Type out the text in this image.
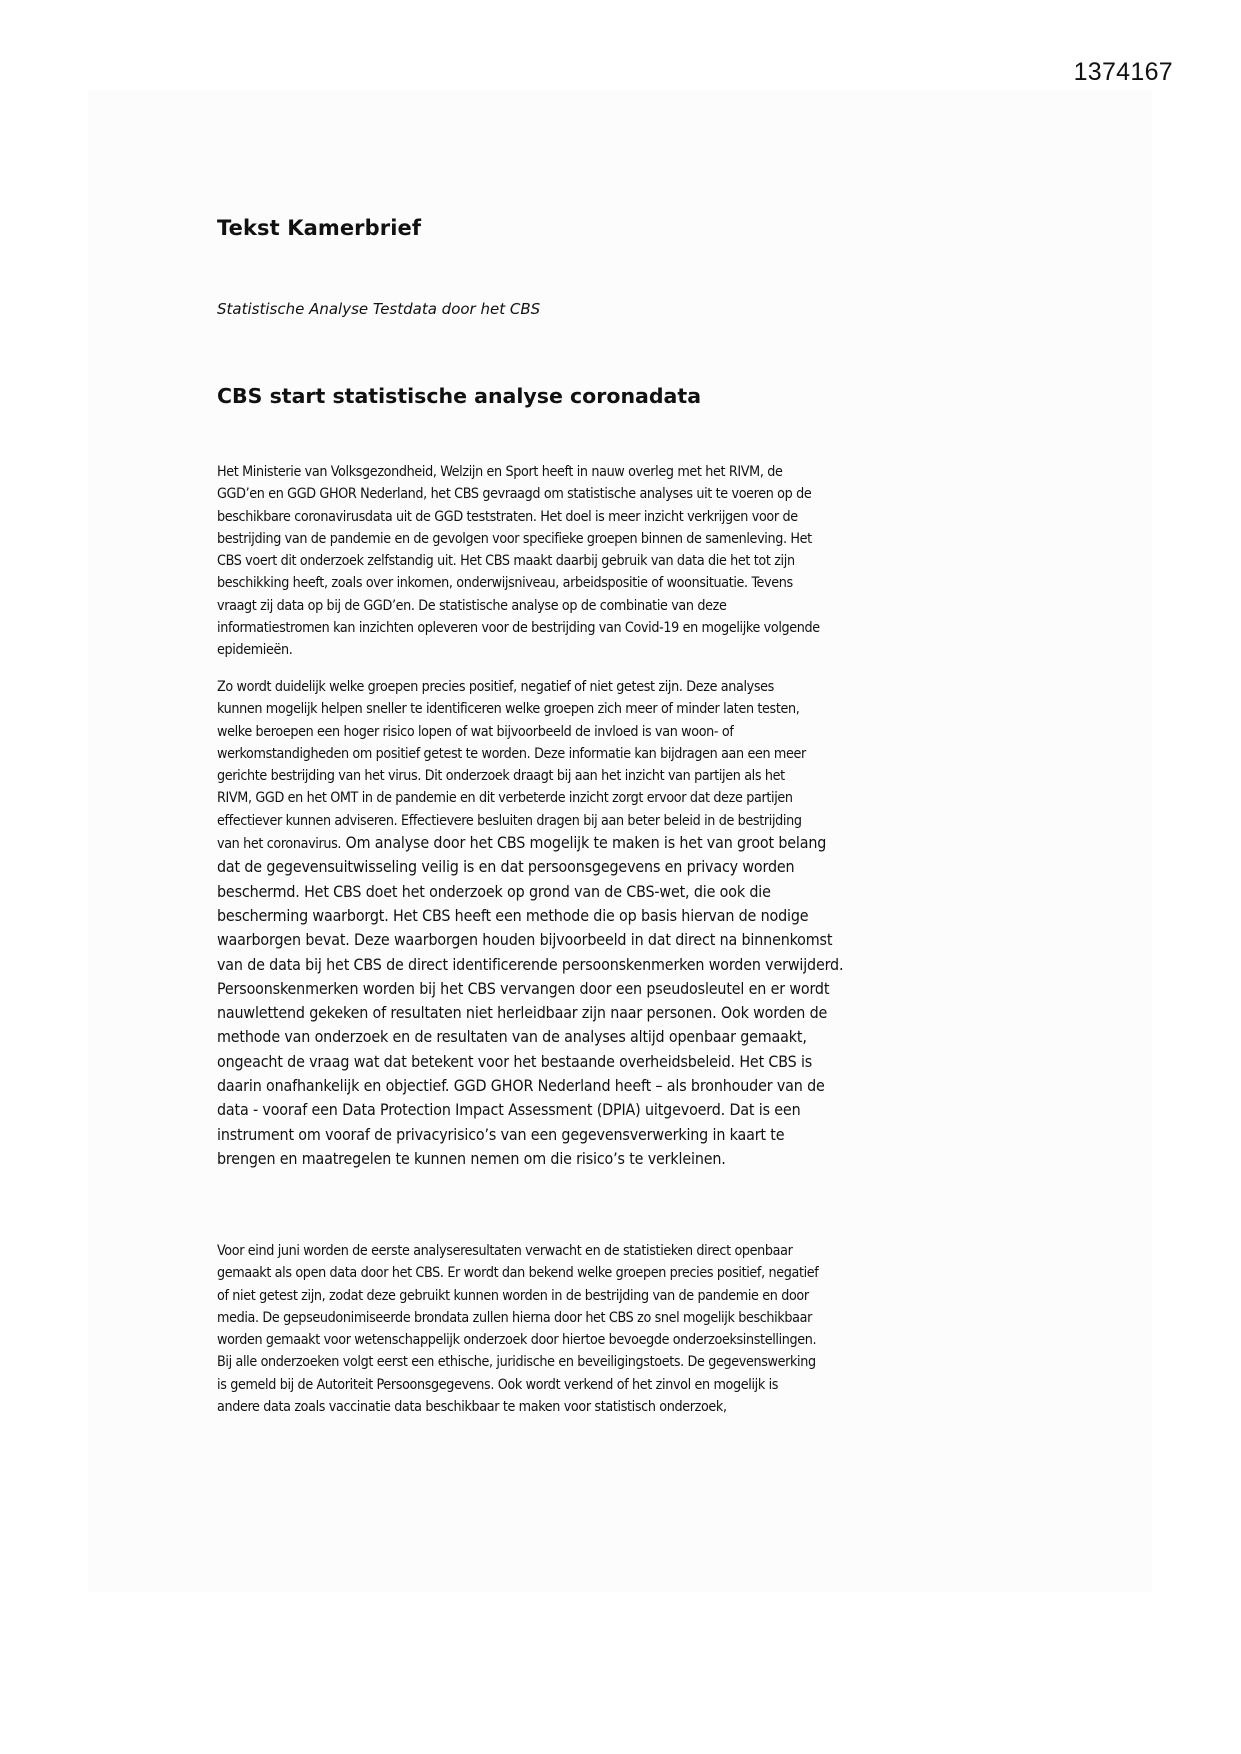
1374167
Tekst Kamerbrief

Statistische Analyse Testdata door het CBS

CBS start statistische analyse coronadata
Het Ministerie van Volksgezondheid, Welzijn en Sport heeft in nauw overleg met het RIVM, de
GGD’en en GGD GHOR Nederland, het CBS gevraagd om statistische analyses uit te voeren op de
beschikbare coronavirusdata uit de GGD teststraten. Het doel is meer inzicht verkrijgen voor de
bestrijding van de pandemie en de gevolgen voor specifieke groepen binnen de samenleving. Het
CBS voert dit onderzoek zelfstandig uit. Het CBS maakt daarbij gebruik van data die het tot zijn
beschikking heeft, zoals over inkomen, onderwijsniveau, arbeidspositie of woonsituatie. Tevens
vraagt zij data op bij de GGD’en. De statistische analyse op de combinatie van deze
informatiestromen kan inzichten opleveren voor de bestrijding van Covid-19 en mogelijke volgende
epidemieën.
Zo wordt duidelijk welke groepen precies positief, negatief of niet getest zijn. Deze analyses
kunnen mogelijk helpen sneller te identificeren welke groepen zich meer of minder laten testen,
welke beroepen een hoger risico lopen of wat bijvoorbeeld de invloed is van woon- of
werkomstandigheden om positief getest te worden. Deze informatie kan bijdragen aan een meer
gerichte bestrijding van het virus. Dit onderzoek draagt bij aan het inzicht van partijen als het
RIVM, GGD en het OMT in de pandemie en dit verbeterde inzicht zorgt ervoor dat deze partijen
effectiever kunnen adviseren. Effectievere besluiten dragen bij aan beter beleid in de bestrijding
van het coronavirus. Om analyse door het CBS mogelijk te maken is het van groot belang
dat de gegevensuitwisseling veilig is en dat persoonsgegevens en privacy worden
beschermd. Het CBS doet het onderzoek op grond van de CBS-wet, die ook die
bescherming waarborgt. Het CBS heeft een methode die op basis hiervan de nodige
waarborgen bevat. Deze waarborgen houden bijvoorbeeld in dat direct na binnenkomst
van de data bij het CBS de direct identificerende persoonskenmerken worden verwijderd.
Persoonskenmerken worden bij het CBS vervangen door een pseudosleutel en er wordt
nauwlettend gekeken of resultaten niet herleidbaar zijn naar personen. Ook worden de
methode van onderzoek en de resultaten van de analyses altijd openbaar gemaakt,
ongeacht de vraag wat dat betekent voor het bestaande overheidsbeleid. Het CBS is
daarin onafhankelijk en objectief. GGD GHOR Nederland heeft – als bronhouder van de
data - vooraf een Data Protection Impact Assessment (DPIA) uitgevoerd. Dat is een
instrument om vooraf de privacyrisico’s van een gegevensverwerking in kaart te
brengen en maatregelen te kunnen nemen om die risico’s te verkleinen.
Voor eind juni worden de eerste analyseresultaten verwacht en de statistieken direct openbaar
gemaakt als open data door het CBS. Er wordt dan bekend welke groepen precies positief, negatief
of niet getest zijn, zodat deze gebruikt kunnen worden in de bestrijding van de pandemie en door
media. De gepseudonimiseerde brondata zullen hierna door het CBS zo snel mogelijk beschikbaar
worden gemaakt voor wetenschappelijk onderzoek door hiertoe bevoegde onderzoeksinstellingen.
Bij alle onderzoeken volgt eerst een ethische, juridische en beveiligingstoets. De gegevenswerking
is gemeld bij de Autoriteit Persoonsgegevens. Ook wordt verkend of het zinvol en mogelijk is
andere data zoals vaccinatie data beschikbaar te maken voor statistisch onderzoek,
